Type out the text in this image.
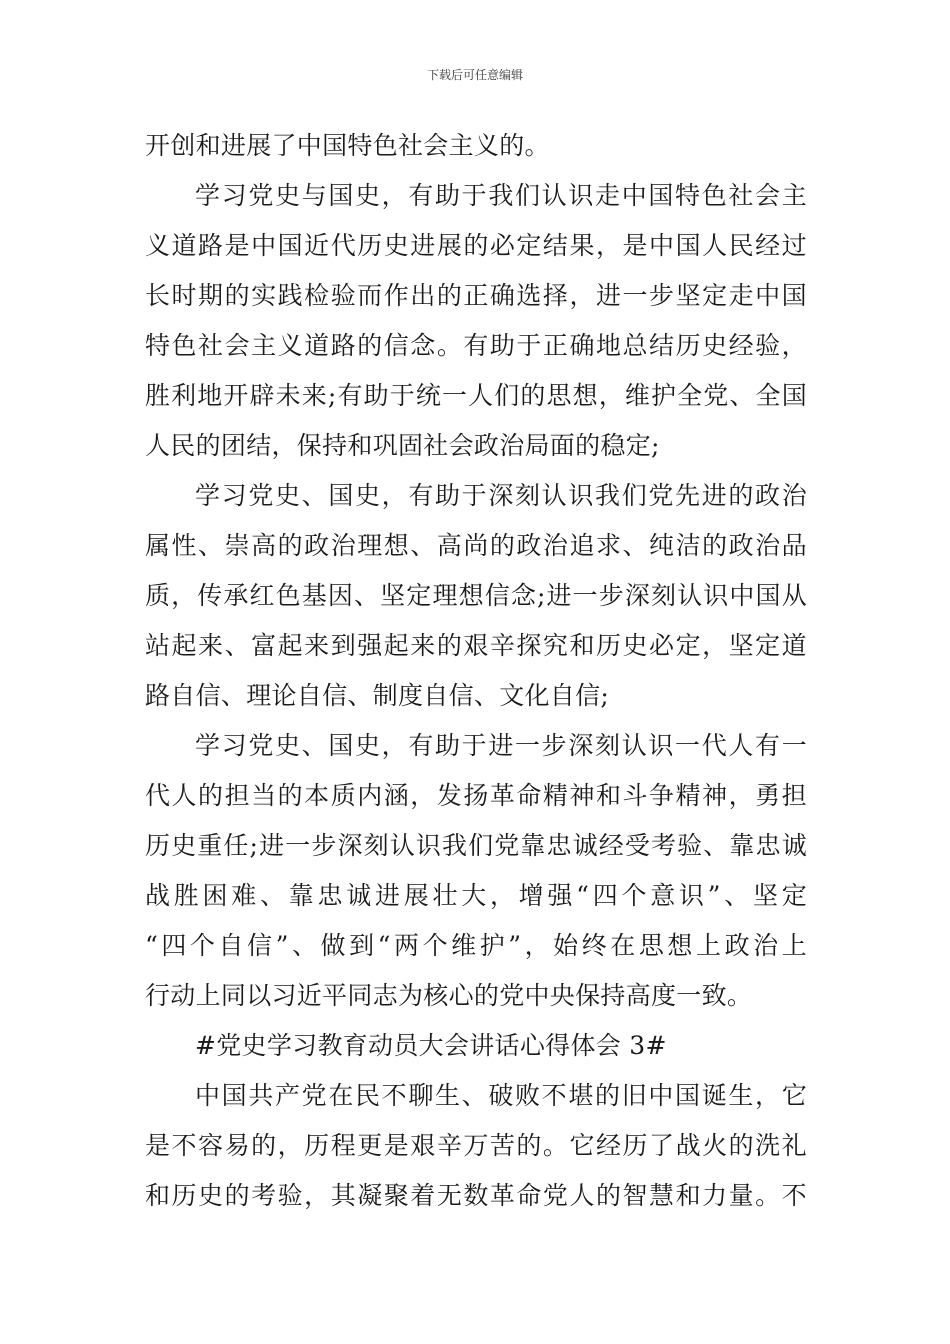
下载后可任意编辑
开创和进展了中国特色社会主义的。
学习党史与国史，有助于我们认识走中国特色社会主
义道路是中国近代历史进展的必定结果，是中国人民经过
长时期的实践检验而作出的正确选择，进一步坚定走中国
特色社会主义道路的信念。有助于正确地总结历史经验，
胜利地开辟未来;有助于统一人们的思想，维护全党、全国
人民的团结，保持和巩固社会政治局面的稳定;
学习党史、国史，有助于深刻认识我们党先进的政治
属性、崇高的政治理想、高尚的政治追求、纯洁的政治品
质，传承红色基因、坚定理想信念;进一步深刻认识中国从
站起来、富起来到强起来的艰辛探究和历史必定，坚定道
路自信、理论自信、制度自信、文化自信;
学习党史、国史，有助于进一步深刻认识一代人有一
代人的担当的本质内涵，发扬革命精神和斗争精神，勇担
历史重任;进一步深刻认识我们党靠忠诚经受考验、靠忠诚
战胜困难、靠忠诚进展壮大，增强“四个意识”、坚定
“四个自信”、做到“两个维护”，始终在思想上政治上
行动上同以习近平同志为核心的党中央保持高度一致。
#党史学习教育动员大会讲话心得体会 3#
中国共产党在民不聊生、破败不堪的旧中国诞生，它
是不容易的，历程更是艰辛万苦的。它经历了战火的洗礼
和历史的考验，其凝聚着无数革命党人的智慧和力量。不
